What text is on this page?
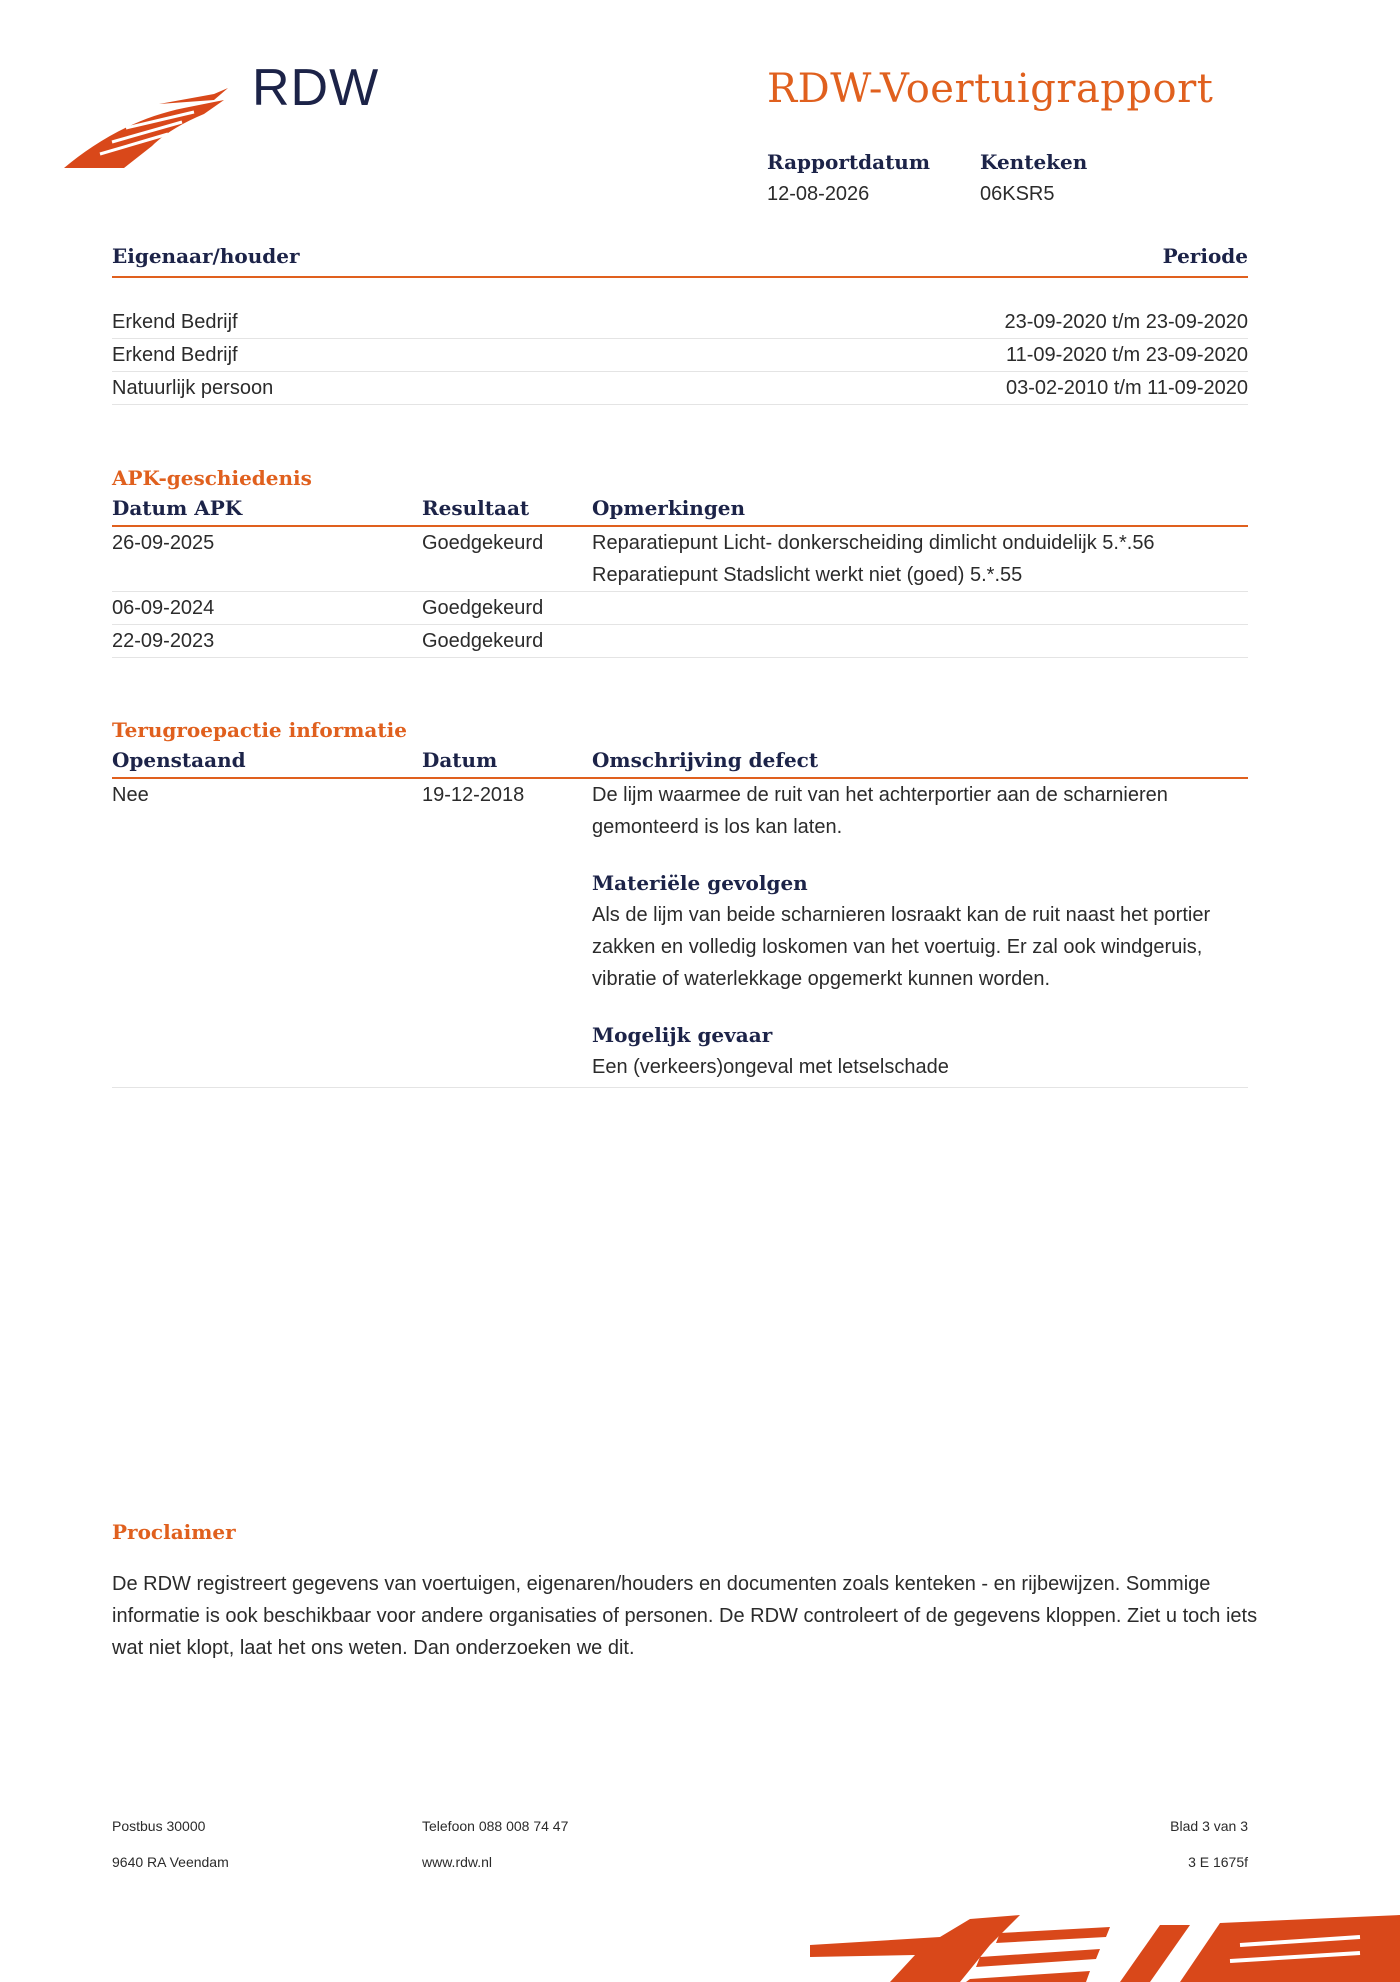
RDW	RDW-Voertuigrapport
Rapportdatum
12-08-2026
Kenteken
06KSR5
Eigenaar/houder	Periode
Erkend Bedrijf	23-09-2020 t/m 23-09-2020
Erkend Bedrijf	11-09-2020 t/m 23-09-2020
Natuurlijk persoon	03-02-2010 t/m 11-09-2020
APK-geschiedenis
Datum APK	Resultaat	Opmerkingen
26-09-2025	Goedgekeurd	Reparatiepunt Licht- donkerscheiding dimlicht onduidelijk 5.*.56
Reparatiepunt Stadslicht werkt niet (goed) 5.*.55
06-09-2024	Goedgekeurd
22-09-2023	Goedgekeurd
Terugroepactie informatie
Openstaand	Datum	Omschrijving defect
Nee	19-12-2018	De lijm waarmee de ruit van het achterportier aan de scharnieren gemonteerd is los kan laten.
Materiële gevolgen
Als de lijm van beide scharnieren losraakt kan de ruit naast het portier zakken en volledig loskomen van het voertuig. Er zal ook windgeruis, vibratie of waterlekkage opgemerkt kunnen worden.
Mogelijk gevaar
Een (verkeers)ongeval met letselschade
Proclaimer
De RDW registreert gegevens van voertuigen, eigenaren/houders en documenten zoals kenteken - en rijbewijzen. Sommige informatie is ook beschikbaar voor andere organisaties of personen. De RDW controleert of de gegevens kloppen. Ziet u toch iets wat niet klopt, laat het ons weten. Dan onderzoeken we dit.
Postbus 30000
9640 RA Veendam
Telefoon 088 008 74 47
www.rdw.nl
Blad 3 van 3
3 E 1675f
